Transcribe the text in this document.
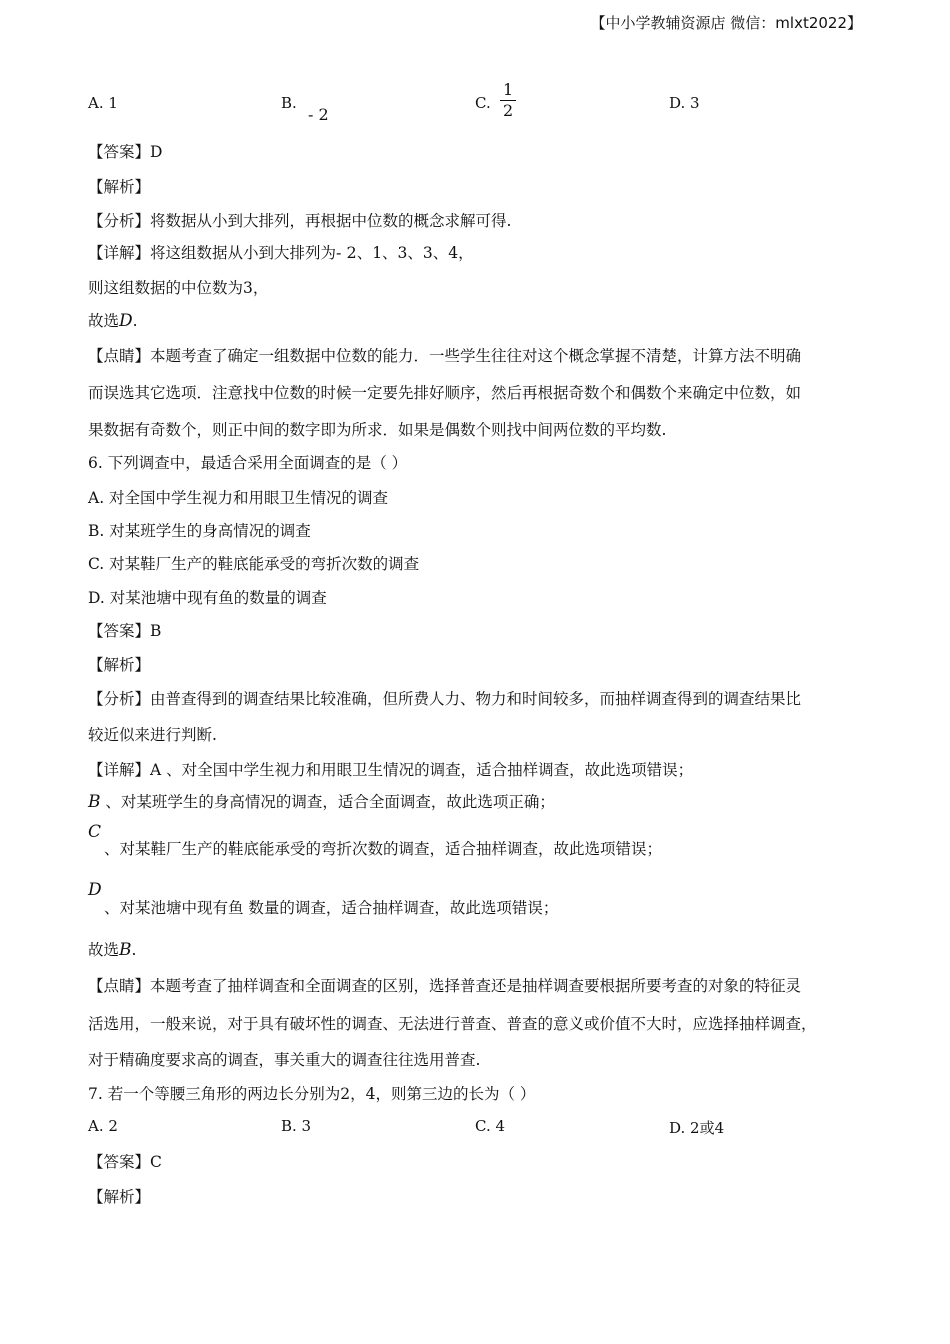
【中小学教辅资源店 微信：mlxt2022】
A. 1	B.
- 2
C. $\frac{1}{2}$	D. 3
【答案】D
【解析】
【分析】将数据从小到大排列，再根据中位数的概念求解可得.
【详解】将这组数据从小到大排列为- 2、1、3、3、4，
则这组数据的中位数为3，
故选D.
【点睛】本题考查了确定一组数据中位数的能力．一些学生往往对这个概念掌握不清楚，计算方法不明确
而误选其它选项．注意找中位数的时候一定要先排好顺序，然后再根据奇数个和偶数个来确定中位数，如
果数据有奇数个，则正中间的数字即为所求．如果是偶数个则找中间两位数的平均数.
6. 下列调查中，最适合采用全面调查的是（ ）
A. 对全国中学生视力和用眼卫生情况的调查
B. 对某班学生的身高情况的调查
C. 对某鞋厂生产的鞋底能承受的弯折次数的调查
D. 对某池塘中现有鱼的数量的调查
【答案】B
【解析】
【分析】由普查得到的调查结果比较准确，但所费人力、物力和时间较多，而抽样调查得到的调查结果比
较近似来进行判断.
【详解】A 、对全国中学生视力和用眼卫生情况的调查，适合抽样调查，故此选项错误；
B 、对某班学生的身高情况的调查，适合全面调查，故此选项正确；
C
、对某鞋厂生产的鞋底能承受的弯折次数的调查，适合抽样调查，故此选项错误；
D
、对某池塘中现有鱼 数量的调查，适合抽样调查，故此选项错误；
故选B.
【点睛】本题考查了抽样调查和全面调查的区别，选择普查还是抽样调查要根据所要考查的对象的特征灵
活选用，一般来说，对于具有破坏性的调查、无法进行普查、普查的意义或价值不大时，应选择抽样调查，
对于精确度要求高的调查，事关重大的调查往往选用普查.
7. 若一个等腰三角形的两边长分别为2，4，则第三边的长为（ ）
A. 2	B. 3	C. 4	D. 2或4
【答案】C
【解析】
